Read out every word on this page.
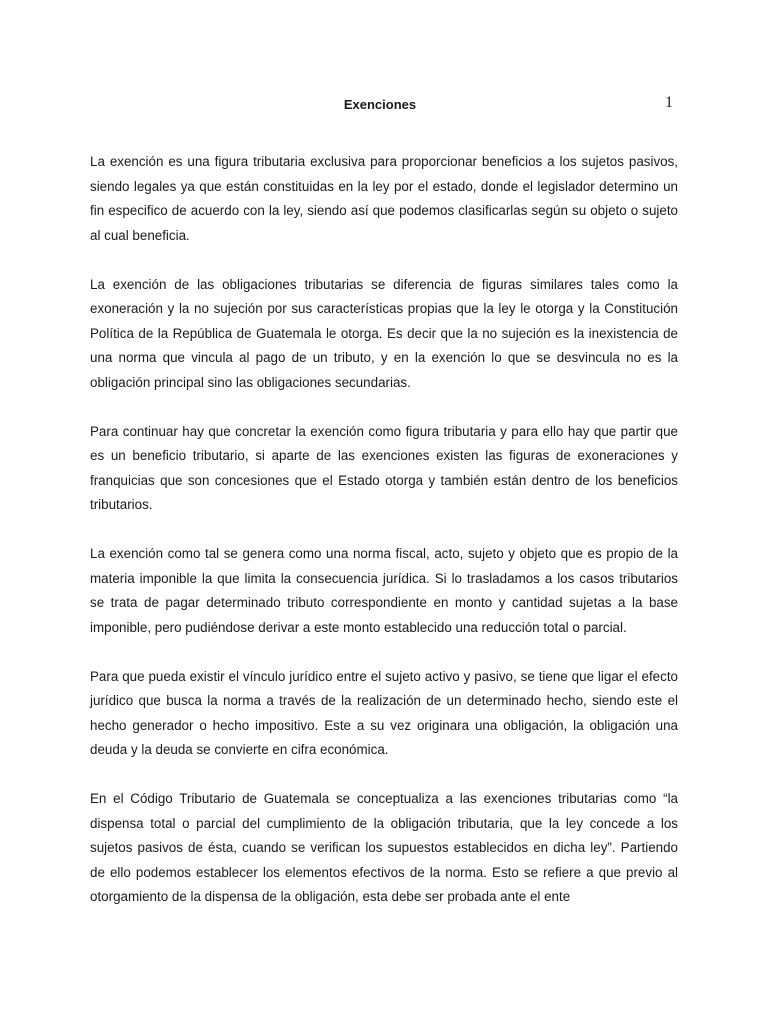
1
Exenciones

La exención es una figura tributaria exclusiva para proporcionar beneficios a los sujetos pasivos, siendo legales ya que están constituidas en la ley por el estado, donde el legislador determino un fin especifico de acuerdo con la ley, siendo así que podemos clasificarlas según su objeto o sujeto al cual beneficia.

La exención de las obligaciones tributarias se diferencia de figuras similares tales como la exoneración y la no sujeción por sus características propias que la ley le otorga y la Constitución Política de la República de Guatemala le otorga. Es decir que la no sujeción es la inexistencia de una norma que vincula al pago de un tributo, y en la exención lo que se desvincula no es la obligación principal sino las obligaciones secundarias.

Para continuar hay que concretar la exención como figura tributaria y para ello hay que partir que es un beneficio tributario, si aparte de las exenciones existen las figuras de exoneraciones y franquicias que son concesiones que el Estado otorga y también están dentro de los beneficios tributarios.

La exención como tal se genera como una norma fiscal, acto, sujeto y objeto que es propio de la materia imponible la que limita la consecuencia jurídica. Si lo trasladamos a los casos tributarios se trata de pagar determinado tributo correspondiente en monto y cantidad sujetas a la base imponible, pero pudiéndose derivar a este monto establecido una reducción total o parcial.

Para que pueda existir el vínculo jurídico entre el sujeto activo y pasivo, se tiene que ligar el efecto jurídico que busca la norma a través de la realización de un determinado hecho, siendo este el hecho generador o hecho impositivo. Este a su vez originara una obligación, la obligación una deuda y la deuda se convierte en cifra económica.

En el Código Tributario de Guatemala se conceptualiza a las exenciones tributarias como “la dispensa total o parcial del cumplimiento de la obligación tributaria, que la ley concede a los sujetos pasivos de ésta, cuando se verifican los supuestos establecidos en dicha ley”. Partiendo de ello podemos establecer los elementos efectivos de la norma. Esto se refiere a que previo al otorgamiento de la dispensa de la obligación, esta debe ser probada ante el ente
